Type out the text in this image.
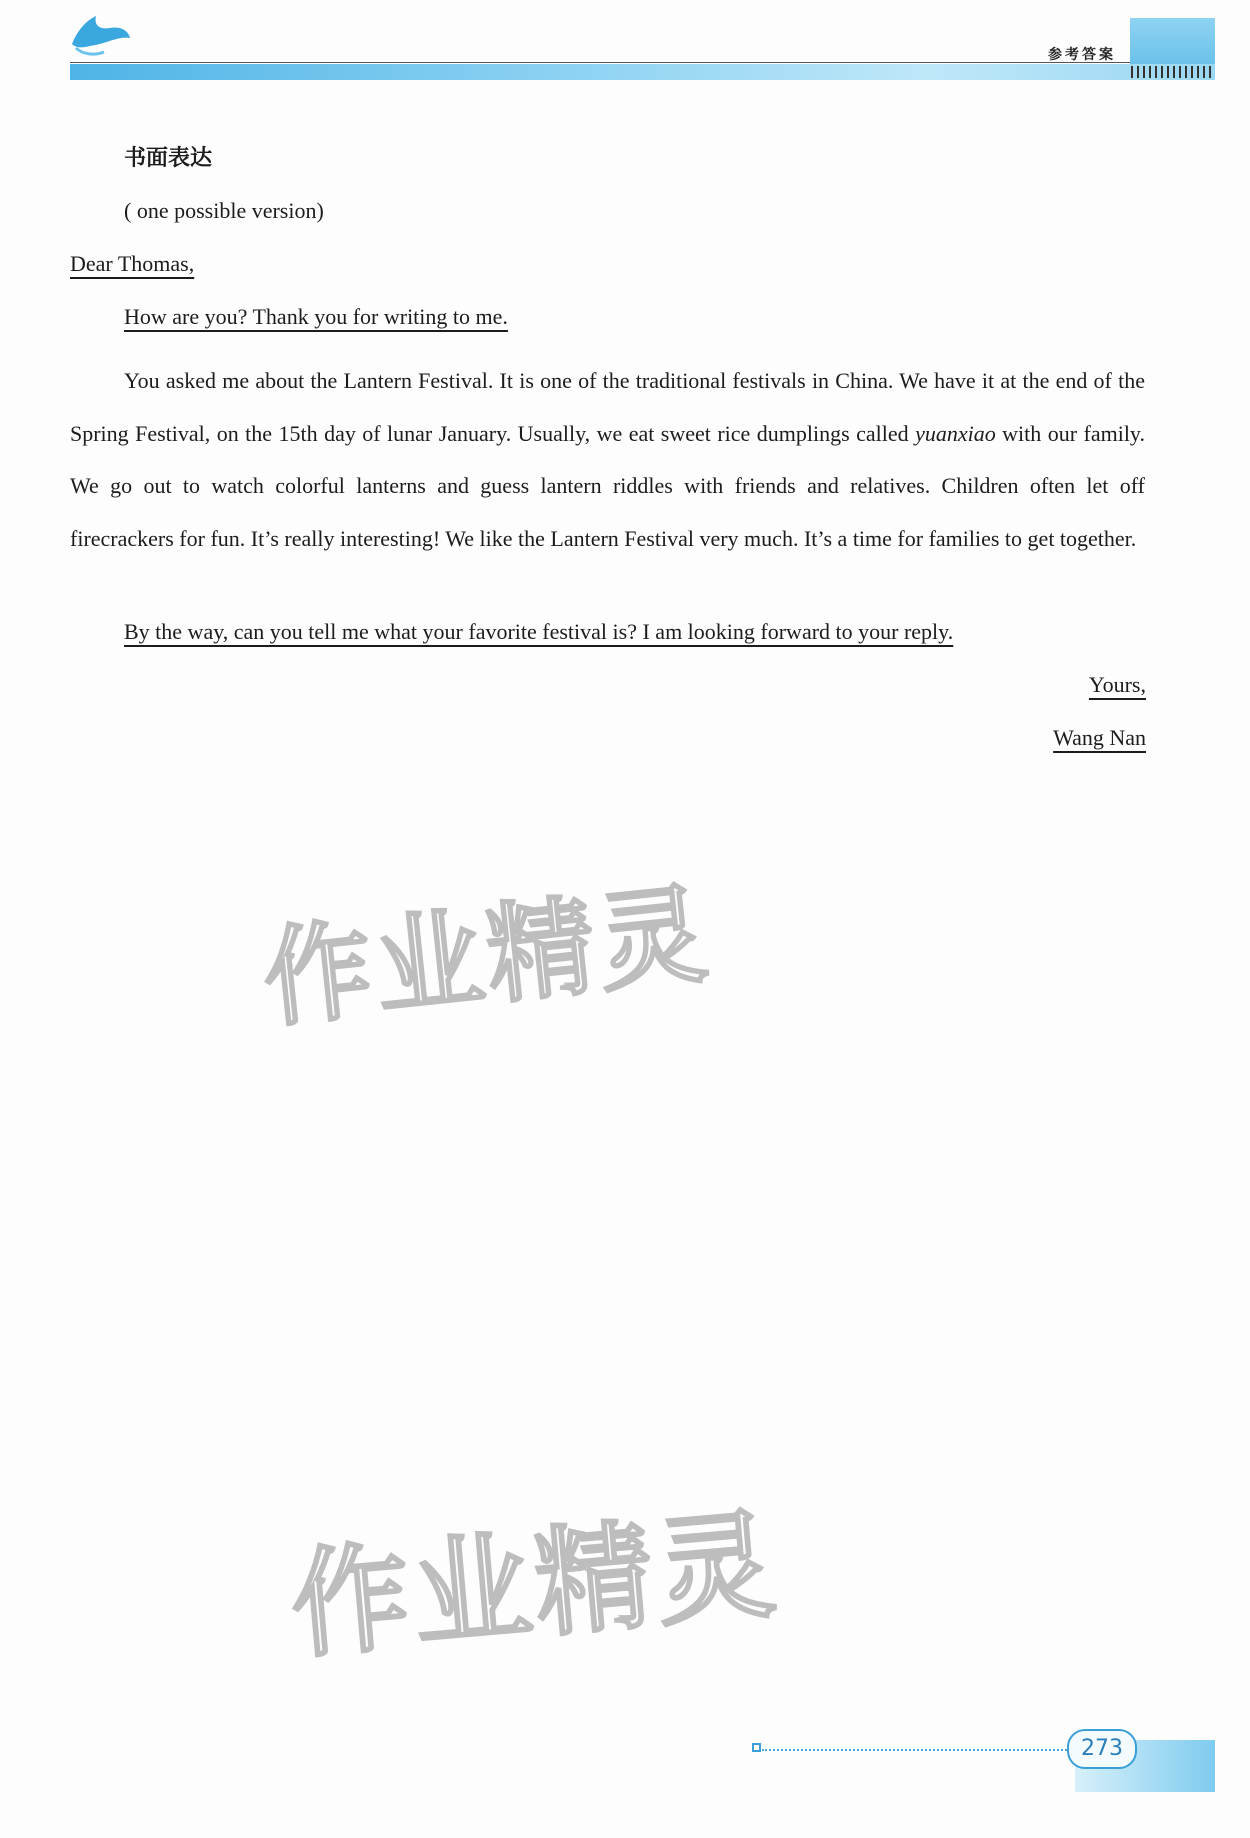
参考答案
书面表达
( one possible version)
Dear Thomas,
How are you? Thank you for writing to me.
You asked me about the Lantern Festival. It is one of the traditional festivals in China. We have it at the end of the Spring Festival, on the 15th day of lunar January. Usually, we eat sweet rice dumplings called yuanxiao with our family. We go out to watch colorful lanterns and guess lantern riddles with friends and relatives. Children often let off firecrackers for fun. It’s really interesting! We like the Lantern Festival very much. It’s a time for families to get together.
By the way, can you tell me what your favorite festival is? I am looking forward to your reply.
Yours,
Wang Nan
作业精灵
作业精灵
273
